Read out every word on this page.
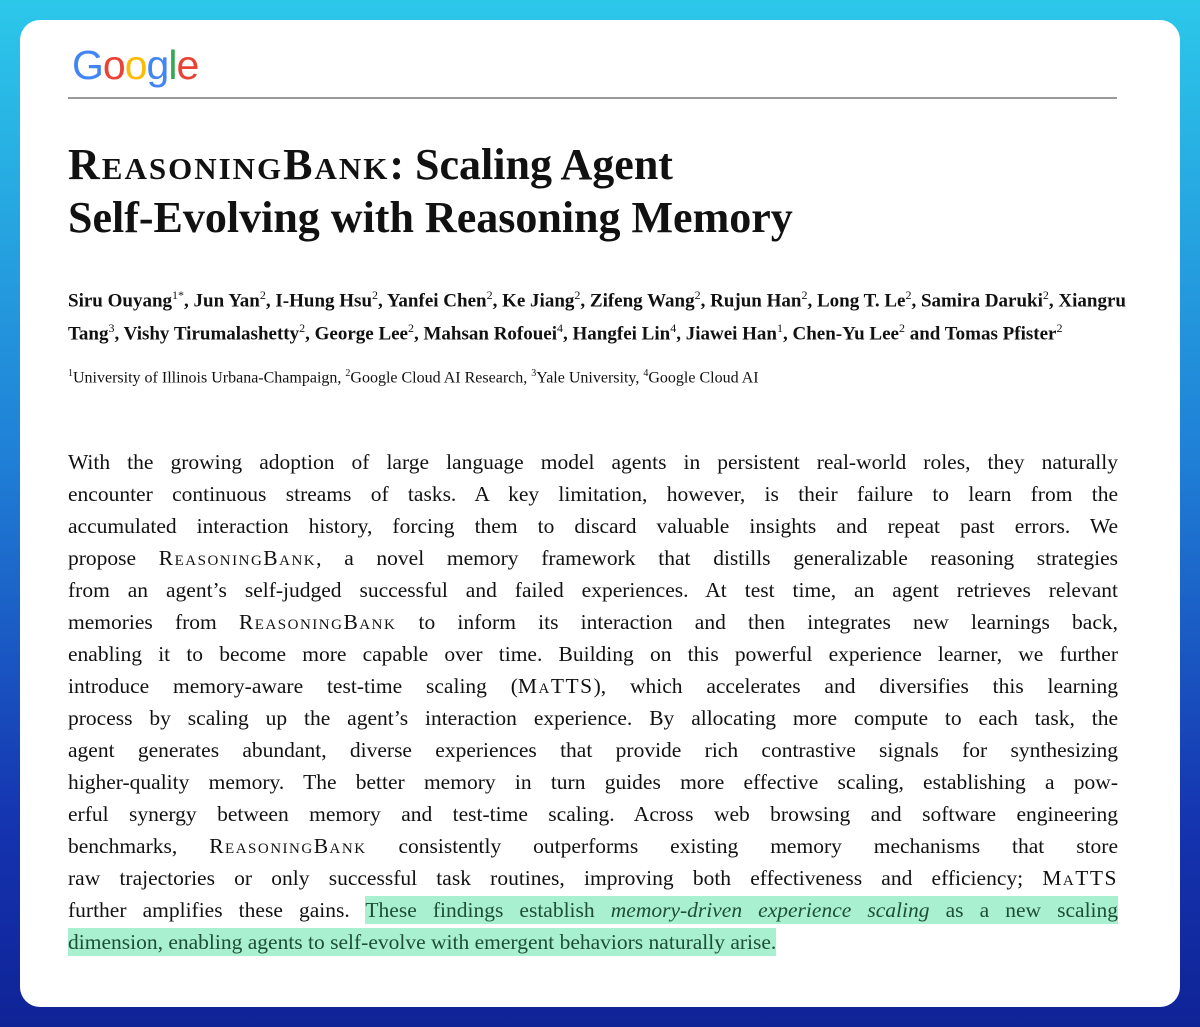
Google
ReasoningBank: Scaling Agent
Self-Evolving with Reasoning Memory
Siru Ouyang$^{1*}$, Jun Yan$^2$, I-Hung Hsu$^2$, Yanfei Chen$^2$, Ke Jiang$^2$, Zifeng Wang$^2$, Rujun Han$^2$, Long T. Le$^2$, Samira Daruki$^2$, Xiangru Tang$^3$, Vishy Tirumalashetty$^2$, George Lee$^2$, Mahsan Rofouei$^4$, Hangfei Lin$^4$, Jiawei Han$^1$, Chen-Yu Lee$^2$ and Tomas Pfister$^2$
$^1$University of Illinois Urbana-Champaign, $^2$Google Cloud AI Research, $^3$Yale University, $^4$Google Cloud AI
With the growing adoption of large language model agents in persistent real-world roles, they naturally
encounter continuous streams of tasks. A key limitation, however, is their failure to learn from the
accumulated interaction history, forcing them to discard valuable insights and repeat past errors. We
propose ReasoningBank, a novel memory framework that distills generalizable reasoning strategies
from an agent’s self-judged successful and failed experiences. At test time, an agent retrieves relevant
memories from ReasoningBank to inform its interaction and then integrates new learnings back,
enabling it to become more capable over time. Building on this powerful experience learner, we further
introduce memory-aware test-time scaling (MaTTS), which accelerates and diversifies this learning
process by scaling up the agent’s interaction experience. By allocating more compute to each task, the
agent generates abundant, diverse experiences that provide rich contrastive signals for synthesizing
higher-quality memory. The better memory in turn guides more effective scaling, establishing a pow-
erful synergy between memory and test-time scaling. Across web browsing and software engineering
benchmarks, ReasoningBank consistently outperforms existing memory mechanisms that store
raw trajectories or only successful task routines, improving both effectiveness and efficiency; MaTTS
further amplifies these gains. These findings establish memory-driven experience scaling as a new scaling
dimension, enabling agents to self-evolve with emergent behaviors naturally arise.
